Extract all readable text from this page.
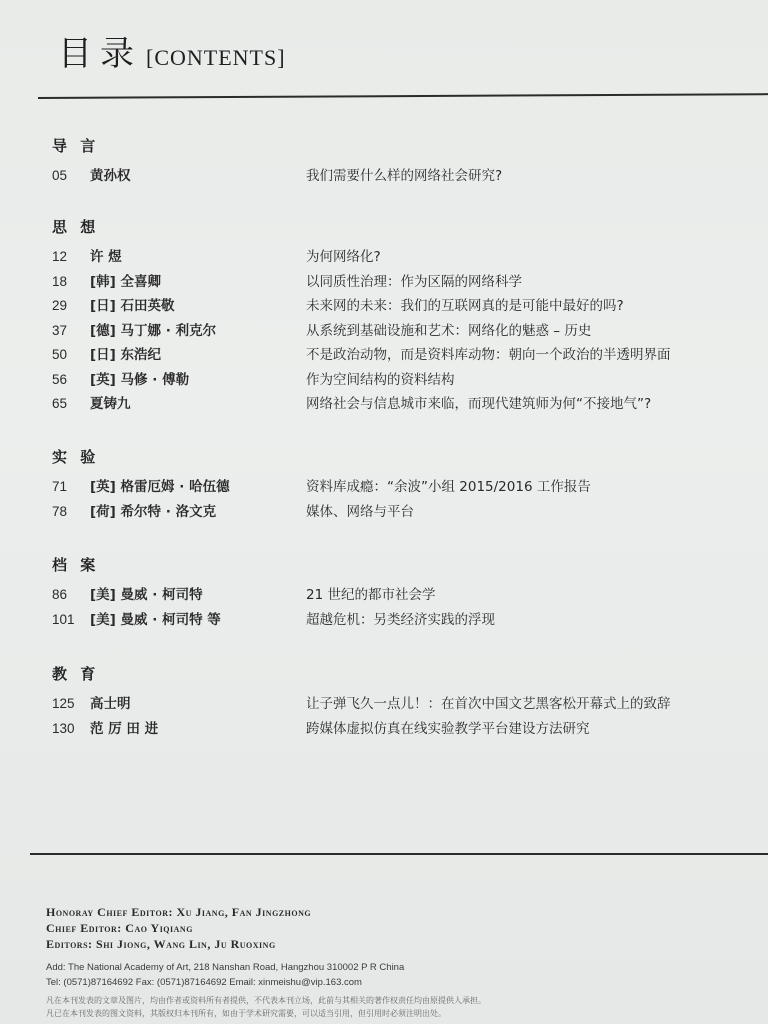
目录 [CONTENTS]
导 言
05	黄孙权	我们需要什么样的网络社会研究?
思 想
12	许 煜	为何网络化?
18	[韩] 全喜卿	以同质性治理：作为区隔的网络科学
29	[日] 石田英敬	未来网的未来：我们的互联网真的是可能中最好的吗?
37	[德] 马丁娜 · 利克尔	从系统到基础设施和艺术：网络化的魅惑 – 历史
50	[日] 东浩纪	不是政治动物，而是资料库动物：朝向一个政治的半透明界面
56	[英] 马修 · 傅勒	作为空间结构的资料结构
65	夏铸九	网络社会与信息城市来临，而现代建筑师为何“不接地气”?
实 验
71	[英] 格雷厄姆 · 哈伍德	资料库成瘾：“余波”小组 2015/2016 工作报告
78	[荷] 希尔特 · 洛文克	媒体、网络与平台
档 案
86	[美] 曼威 · 柯司特	21 世纪的都市社会学
101	[美] 曼威 · 柯司特 等	超越危机：另类经济实践的浮现
教 育
125	高士明	让子弹飞久一点儿！：在首次中国文艺黑客松开幕式上的致辞
130	范 厉 田 进	跨媒体虚拟仿真在线实验教学平台建设方法研究
Honoray Chief Editor: Xu Jiang, Fan Jingzhong
Chief Editor: Cao Yiqiang
Editors: Shi Jiong, Wang Lin, Ju Ruoxing
Add: The National Academy of Art, 218 Nanshan Road, Hangzhou 310002 P R China
Tel: (0571)87164692 Fax: (0571)87164692 Email: xinmeishu@vip.163.com
凡在本刊发表的文章及图片，均由作者或资料所有者提供，不代表本刊立场，此前与其相关的著作权责任均由原提供人承担。
凡已在本刊发表的图文资料，其版权归本刊所有，如由于学术研究需要，可以适当引用，但引用时必须注明出处。
